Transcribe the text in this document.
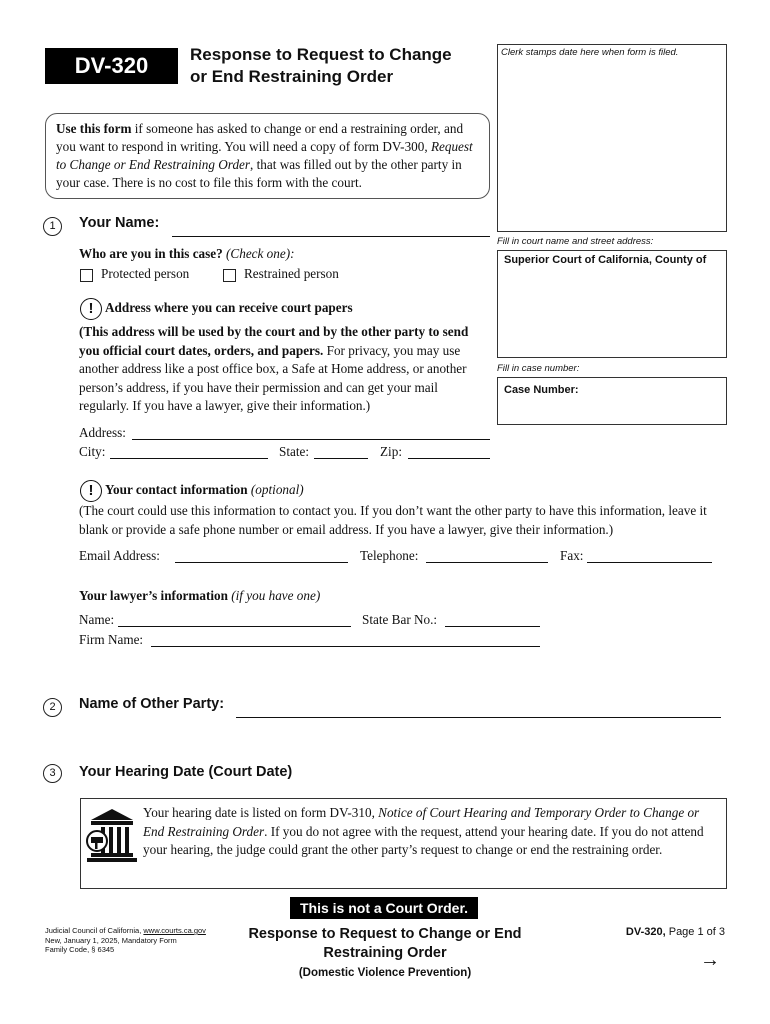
DV-320	Response to Request to Change
or End Restraining Order
Clerk stamps date here when form is filed.
Use this form if someone has asked to change or end a restraining order, and you want to respond in writing. You will need a copy of form DV-300, Request to Change or End Restraining Order, that was filled out by the other party in your case. There is no cost to file this form with the court.
Fill in court name and street address:
Superior Court of California, County of
Fill in case number:
Case Number:
1	Your Name:
Who are you in this case? (Check one):
Protected person	Restrained person
! Address where you can receive court papers
(This address will be used by the court and by the other party to send you official court dates, orders, and papers. For privacy, you may use another address like a post office box, a Safe at Home address, or another person’s address, if you have their permission and can get your mail regularly. If you have a lawyer, give their information.)
Address:
City:	State:	Zip:
! Your contact information (optional)
(The court could use this information to contact you. If you don’t want the other party to have this information, leave it blank or provide a safe phone number or email address. If you have a lawyer, give their information.)
Email Address:	Telephone:	Fax:
Your lawyer’s information (if you have one)
Name:	State Bar No.:
Firm Name:
2	Name of Other Party:
3	Your Hearing Date (Court Date)
Your hearing date is listed on form DV-310, Notice of Court Hearing and Temporary Order to Change or End Restraining Order. If you do not agree with the request, attend your hearing date. If you do not attend your hearing, the judge could grant the other party’s request to change or end the restraining order.
This is not a Court Order.
Judicial Council of California, www.courts.ca.gov
New, January 1, 2025, Mandatory Form
Family Code, § 6345
Response to Request to Change or End
Restraining Order
(Domestic Violence Prevention)
DV-320, Page 1 of 3
→
